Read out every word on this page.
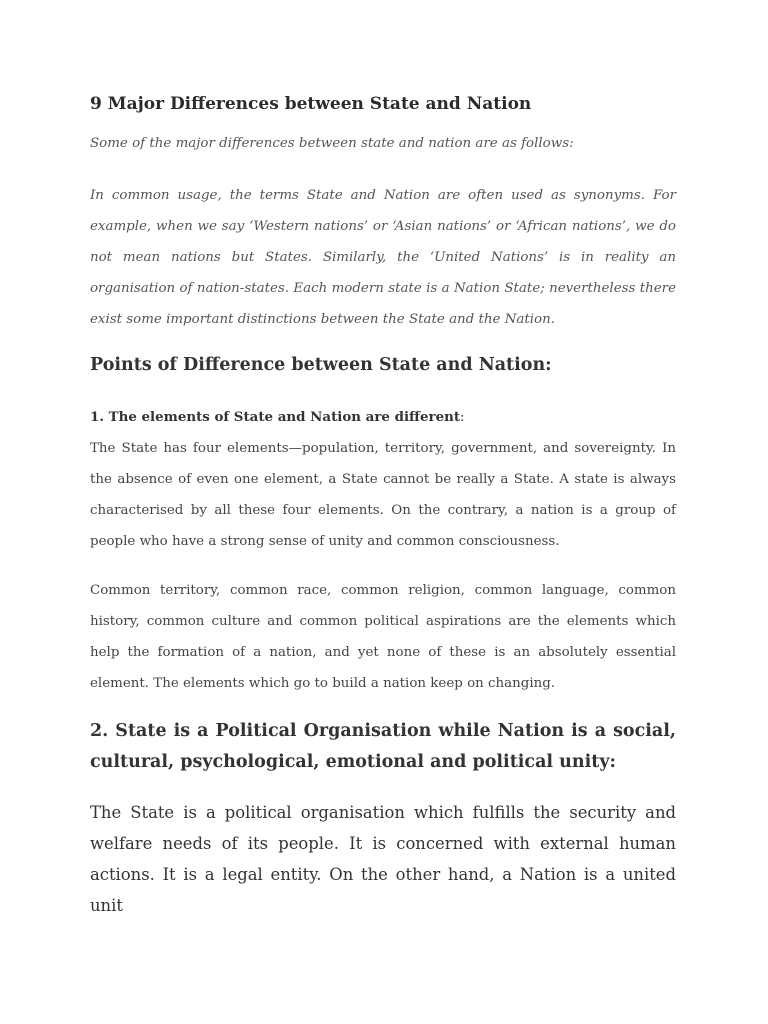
9 Major Differences between State and Nation

Some of the major differences between state and nation are as follows:

In common usage, the terms State and Nation are often used as synonyms. For example, when we say ‘Western nations’ or ‘Asian nations’ or ‘African nations’, we do not mean nations but States. Similarly, the ‘United Nations’ is in reality an organisation of nation-states. Each modern state is a Nation State; nevertheless there exist some important distinctions between the State and the Nation.

Points of Difference between State and Nation:

1. The elements of State and Nation are different:

The State has four elements—population, territory, government, and sovereignty. In the absence of even one element, a State cannot be really a State. A state is always characterised by all these four elements. On the contrary, a nation is a group of people who have a strong sense of unity and common consciousness.

Common territory, common race, common religion, common language, common history, common culture and common political aspirations are the elements which help the formation of a nation, and yet none of these is an absolutely essential element. The elements which go to build a nation keep on changing.

2. State is a Political Organisation while Nation is a social, cultural, psychological, emotional and political unity:

The State is a political organisation which fulfills the security and welfare needs of its people. It is concerned with external human actions. It is a legal entity. On the other hand, a Nation is a united unit
